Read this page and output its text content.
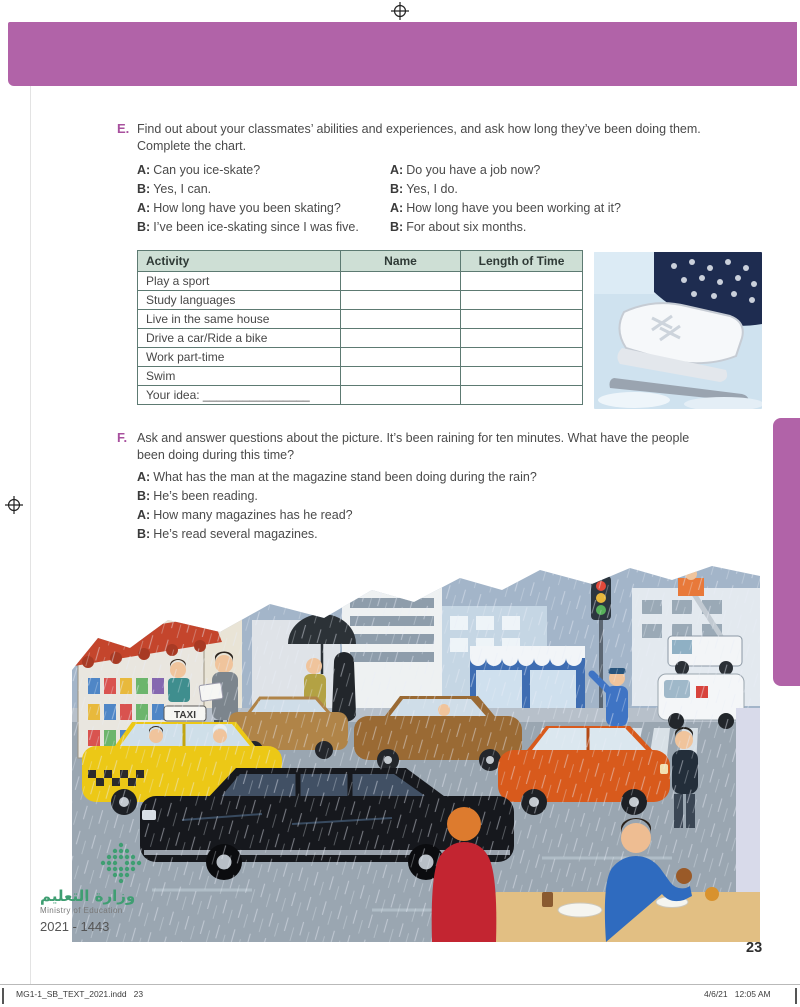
E. Find out about your classmates’ abilities and experiences, and ask how long they’ve been doing them. Complete the chart.
A: Can you ice-skate?
B: Yes, I can.
A: How long have you been skating?
B: I’ve been ice-skating since I was five.
A: Do you have a job now?
B: Yes, I do.
A: How long have you been working at it?
B: For about six months.
Activity	Name	Length of Time
Play a sport		
Study languages		
Live in the same house		
Drive a car/Ride a bike		
Work part-time		
Swim		
Your idea: ________________		
F. Ask and answer questions about the picture. It’s been raining for ten minutes. What have the people been doing during this time?
A: What has the man at the magazine stand been doing during the rain?
B: He’s been reading.
A: How many magazines has he read?
B: He’s read several magazines.
وزارة التعليم
Ministry of Education
2021 - 1443
23
MG1-1_SB_TEXT_2021.indd   23	4/6/21   12:05 AM
